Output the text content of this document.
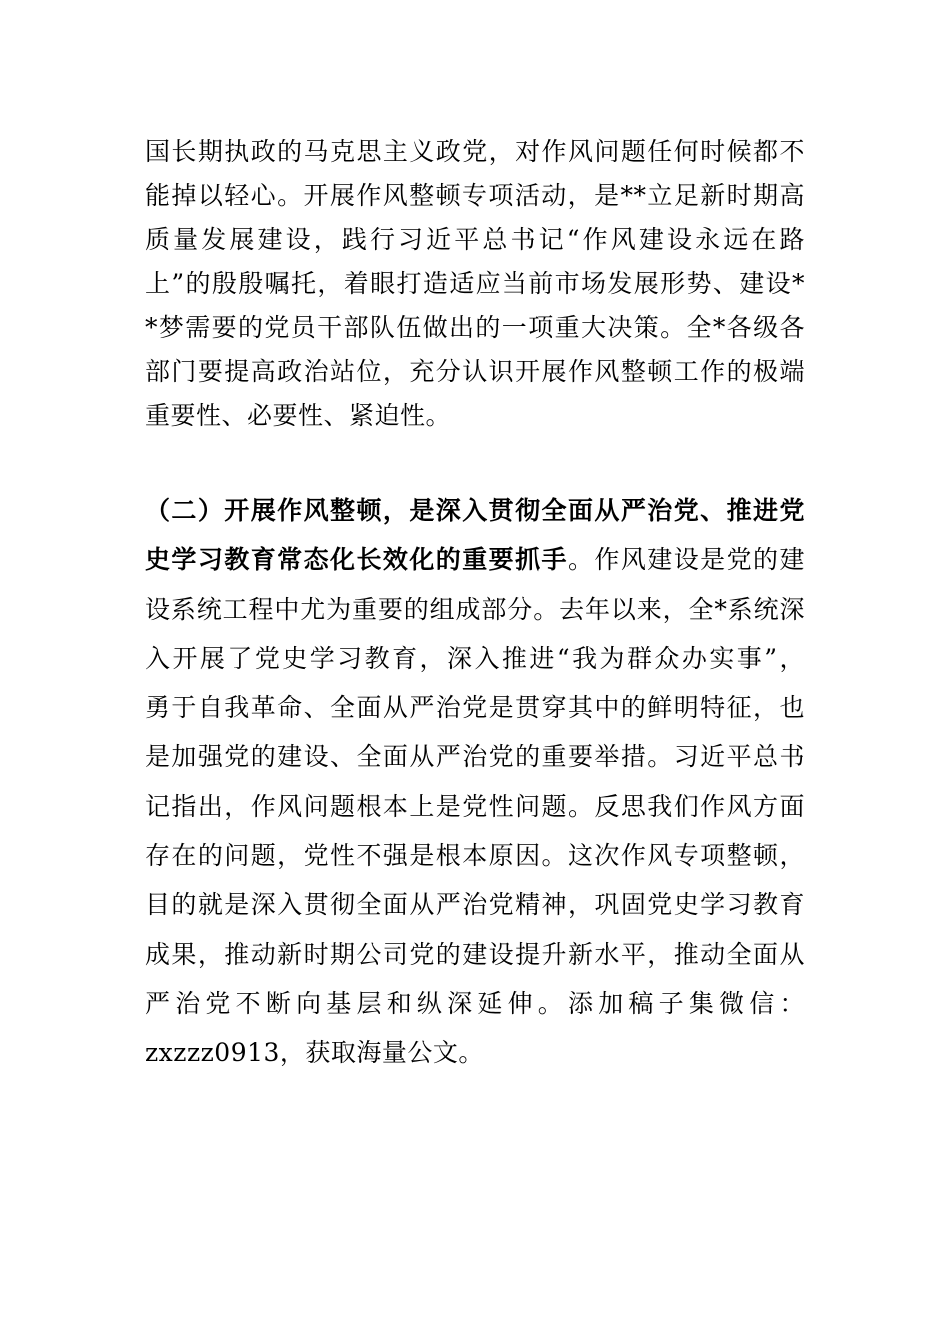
国长期执政的马克思主义政党，对作风问题任何时候都不
能掉以轻心。开展作风整顿专项活动，是**立足新时期高
质量发展建设，践行习近平总书记“作风建设永远在路
上”的殷殷嘱托，着眼打造适应当前市场发展形势、建设*
*梦需要的党员干部队伍做出的一项重大决策。全*各级各
部门要提高政治站位，充分认识开展作风整顿工作的极端
重要性、必要性、紧迫性。
（二）开展作风整顿，是深入贯彻全面从严治党、推进党
史学习教育常态化长效化的重要抓手。作风建设是党的建
设系统工程中尤为重要的组成部分。去年以来，全*系统深
入开展了党史学习教育，深入推进“我为群众办实事”，
勇于自我革命、全面从严治党是贯穿其中的鲜明特征，也
是加强党的建设、全面从严治党的重要举措。习近平总书
记指出，作风问题根本上是党性问题。反思我们作风方面
存在的问题，党性不强是根本原因。这次作风专项整顿，
目的就是深入贯彻全面从严治党精神，巩固党史学习教育
成果，推动新时期公司党的建设提升新水平，推动全面从
严治党不断向基层和纵深延伸。添加稿子集微信：
zxzzz0913，获取海量公文。
